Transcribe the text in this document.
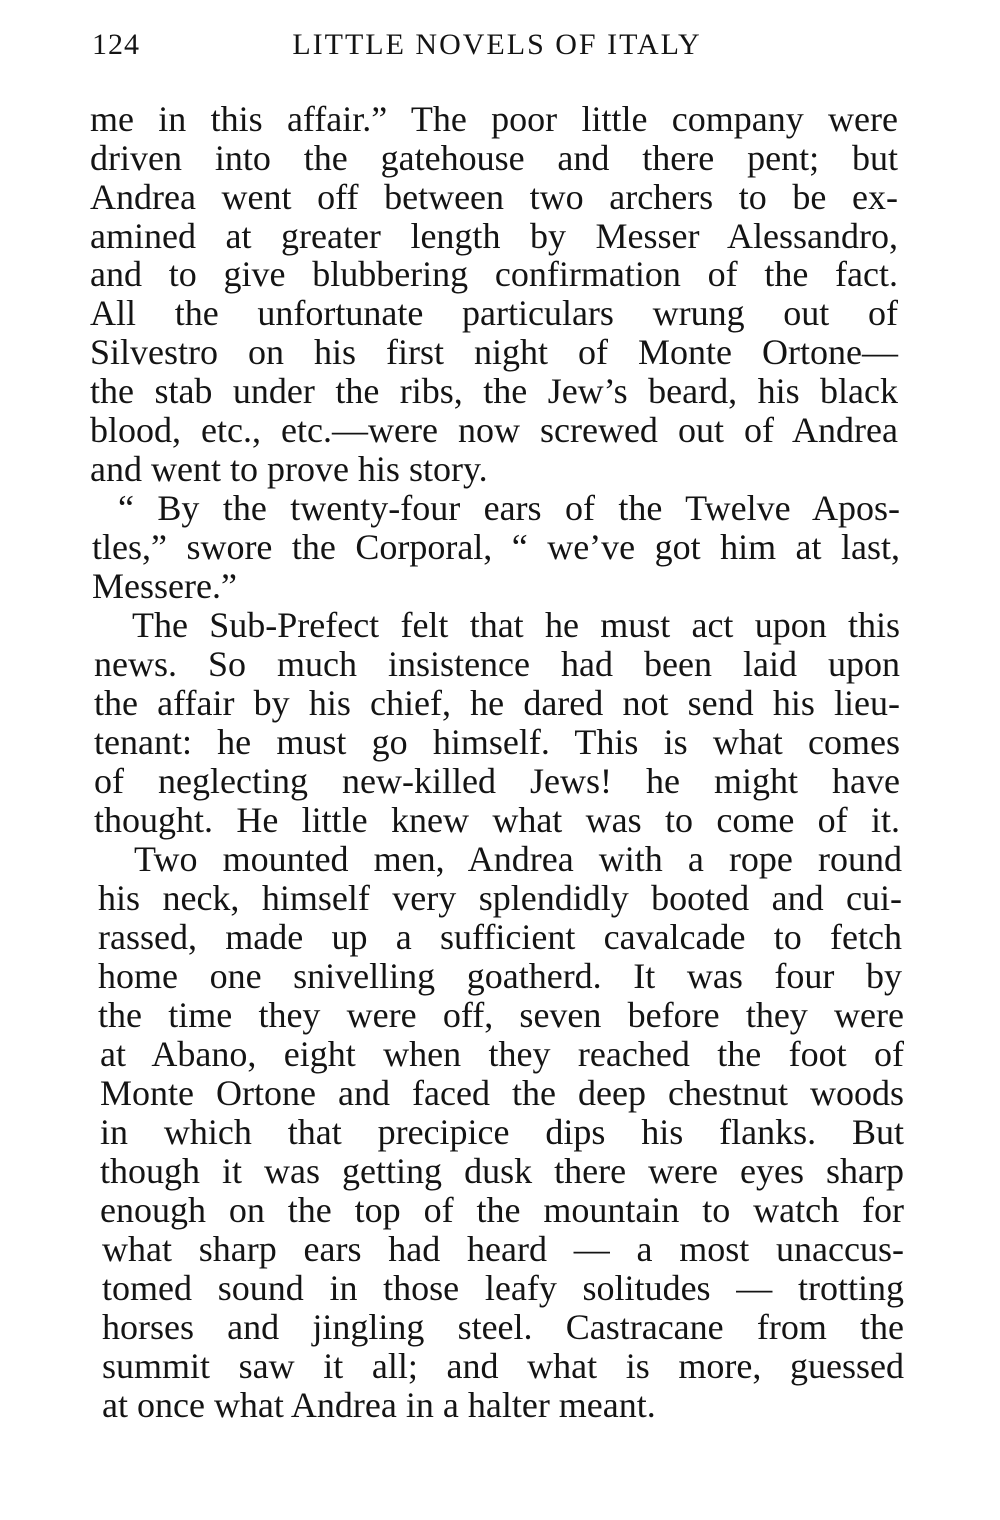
124	LITTLE NOVELS OF ITALY
me in this affair.” The poor little company were
driven into the gatehouse and there pent; but
Andrea went off between two archers to be ex-
amined at greater length by Messer Alessandro,
and to give blubbering confirmation of the fact.
All the unfortunate particulars wrung out of
Silvestro on his first night of Monte Ortone—
the stab under the ribs, the Jew’s beard, his black
blood, etc., etc.—were now screwed out of Andrea
and went to prove his story.
“ By the twenty-four ears of the Twelve Apos-
tles,” swore the Corporal, “ we’ve got him at last,
Messere.”
The Sub-Prefect felt that he must act upon this
news. So much insistence had been laid upon
the affair by his chief, he dared not send his lieu-
tenant: he must go himself. This is what comes
of neglecting new-killed Jews! he might have
thought. He little knew what was to come of it.
Two mounted men, Andrea with a rope round
his neck, himself very splendidly booted and cui-
rassed, made up a sufficient cavalcade to fetch
home one snivelling goatherd. It was four by
the time they were off, seven before they were
at Abano, eight when they reached the foot of
Monte Ortone and faced the deep chestnut woods
in which that precipice dips his flanks. But
though it was getting dusk there were eyes sharp
enough on the top of the mountain to watch for
what sharp ears had heard — a most unaccus-
tomed sound in those leafy solitudes — trotting
horses and jingling steel. Castracane from the
summit saw it all; and what is more, guessed
at once what Andrea in a halter meant.
